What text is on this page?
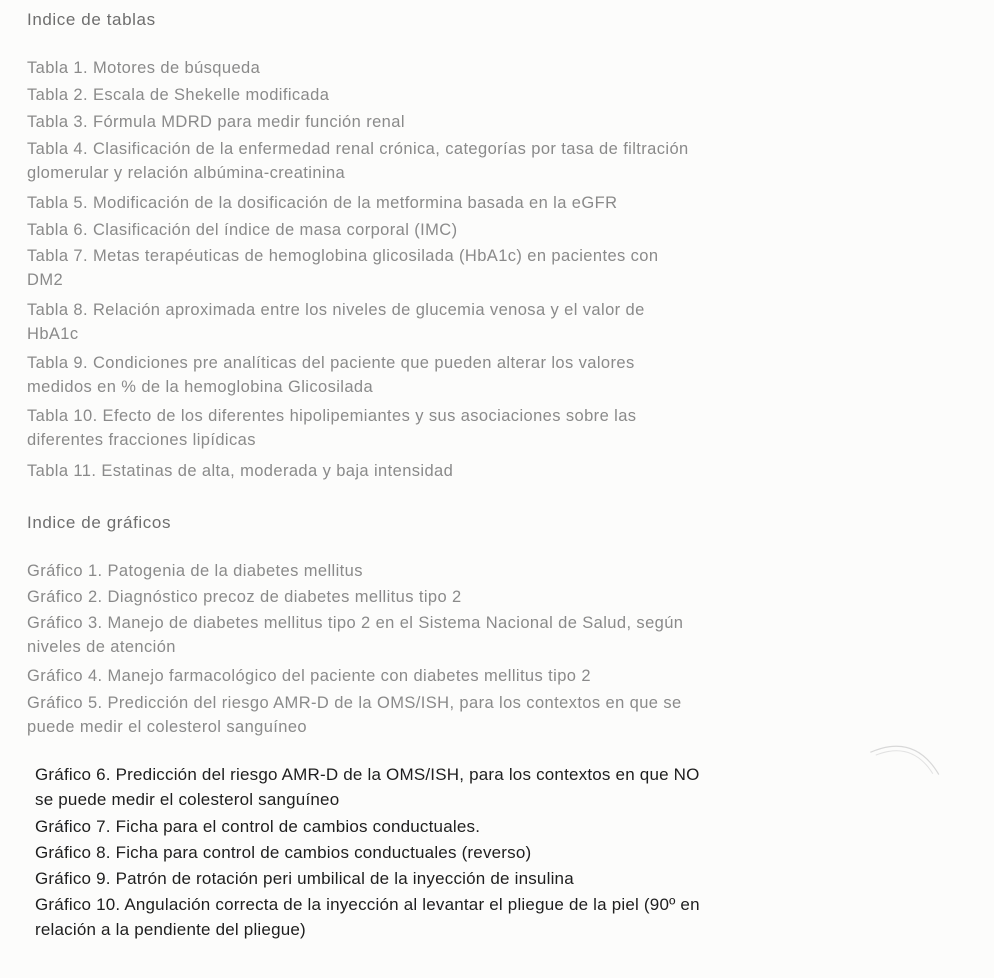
Indice de tablas
Tabla 1. Motores de búsqueda
Tabla 2. Escala de Shekelle modificada
Tabla 3. Fórmula MDRD para medir función renal
Tabla 4. Clasificación de la enfermedad renal crónica, categorías por tasa de filtración
glomerular y relación albúmina-creatinina
Tabla 5. Modificación de la dosificación de la metformina basada en la eGFR
Tabla 6. Clasificación del índice de masa corporal (IMC)
Tabla 7. Metas terapéuticas de hemoglobina glicosilada (HbA1c) en pacientes con
DM2
Tabla 8. Relación aproximada entre los niveles de glucemia venosa y el valor de
HbA1c
Tabla 9. Condiciones pre analíticas del paciente que pueden alterar los valores
medidos en % de la hemoglobina Glicosilada
Tabla 10. Efecto de los diferentes hipolipemiantes y sus asociaciones sobre las
diferentes fracciones lipídicas
Tabla 11. Estatinas de alta, moderada y baja intensidad
Indice de gráficos
Gráfico 1. Patogenia de la diabetes mellitus
Gráfico 2. Diagnóstico precoz de diabetes mellitus tipo 2
Gráfico 3. Manejo de diabetes mellitus tipo 2 en el Sistema Nacional de Salud, según
niveles de atención
Gráfico 4. Manejo farmacológico del paciente con diabetes mellitus tipo 2
Gráfico 5. Predicción del riesgo AMR-D de la OMS/ISH, para los contextos en que se
puede medir el colesterol sanguíneo
Gráfico 6. Predicción del riesgo AMR-D de la OMS/ISH, para los contextos en que NO
se puede medir el colesterol sanguíneo
Gráfico 7. Ficha para el control de cambios conductuales.
Gráfico 8. Ficha para control de cambios conductuales (reverso)
Gráfico 9. Patrón de rotación peri umbilical de la inyección de insulina
Gráfico 10. Angulación correcta de la inyección al levantar el pliegue de la piel (90º en
relación a la pendiente del pliegue)
